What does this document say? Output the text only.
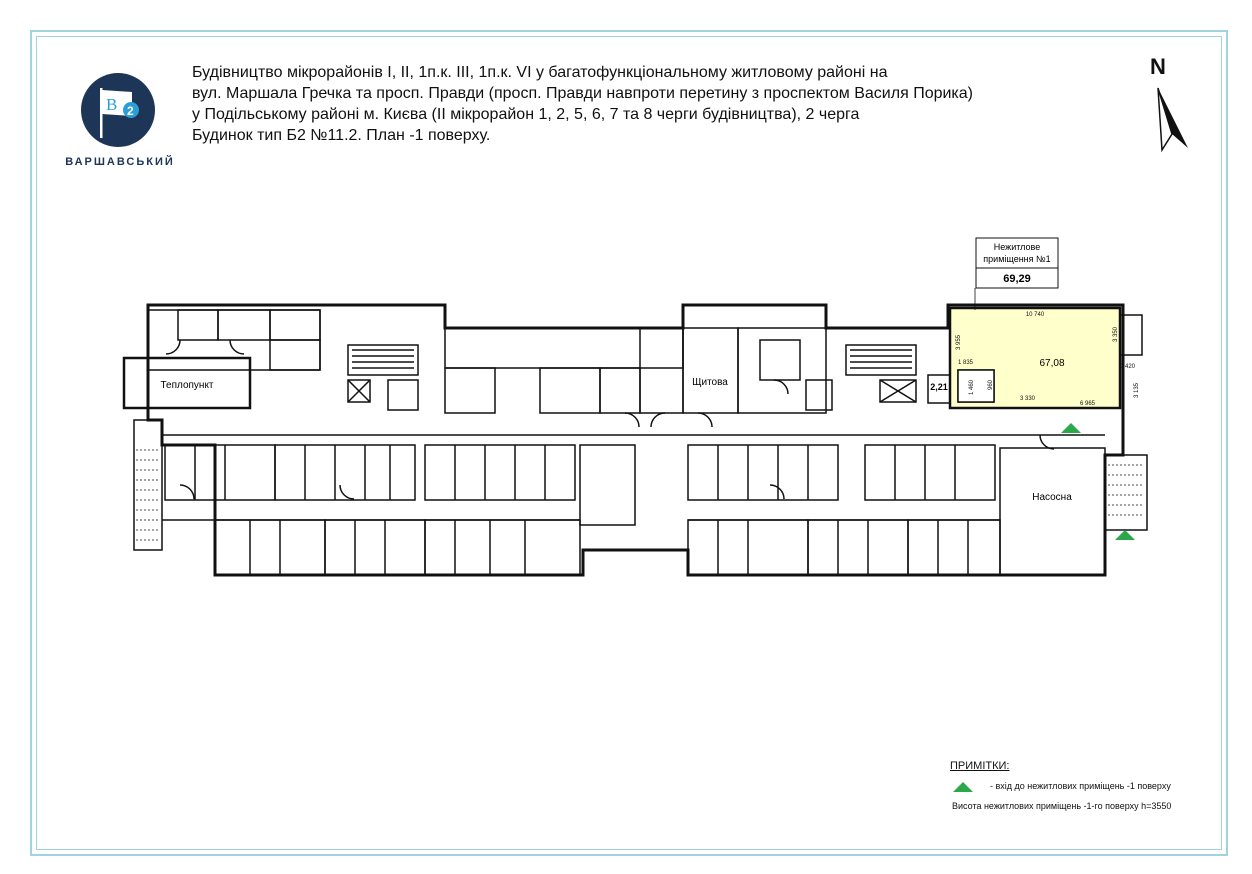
В 2
ВАРШАВСЬКИЙ
Будівництво мікрорайонів І, ІІ, 1п.к. ІІІ, 1п.к. VI у багатофункціональному житловому районі на
вул. Маршала Гречка та просп. Правди (просп. Правди навпроти перетину з проспектом Василя Порика)
у Подільському районі м. Києва (ІІ мікрорайон 1, 2, 5, 6, 7 та 8 черги будівництва), 2 черга
Будинок тип Б2 №11.2. План -1 поверху.
N
Нежитлове
приміщення №1
69,29
Теплопункт	Щитова
Насосна
2,21
67,08
10 740
3 955
3 350
1 835
1 420
1 460 960
3 330
6 965
3 135
ПРИМІТКИ:
- вхід до нежитлових приміщень -1 поверху
Висота нежитлових приміщень -1-го поверху h=3550
